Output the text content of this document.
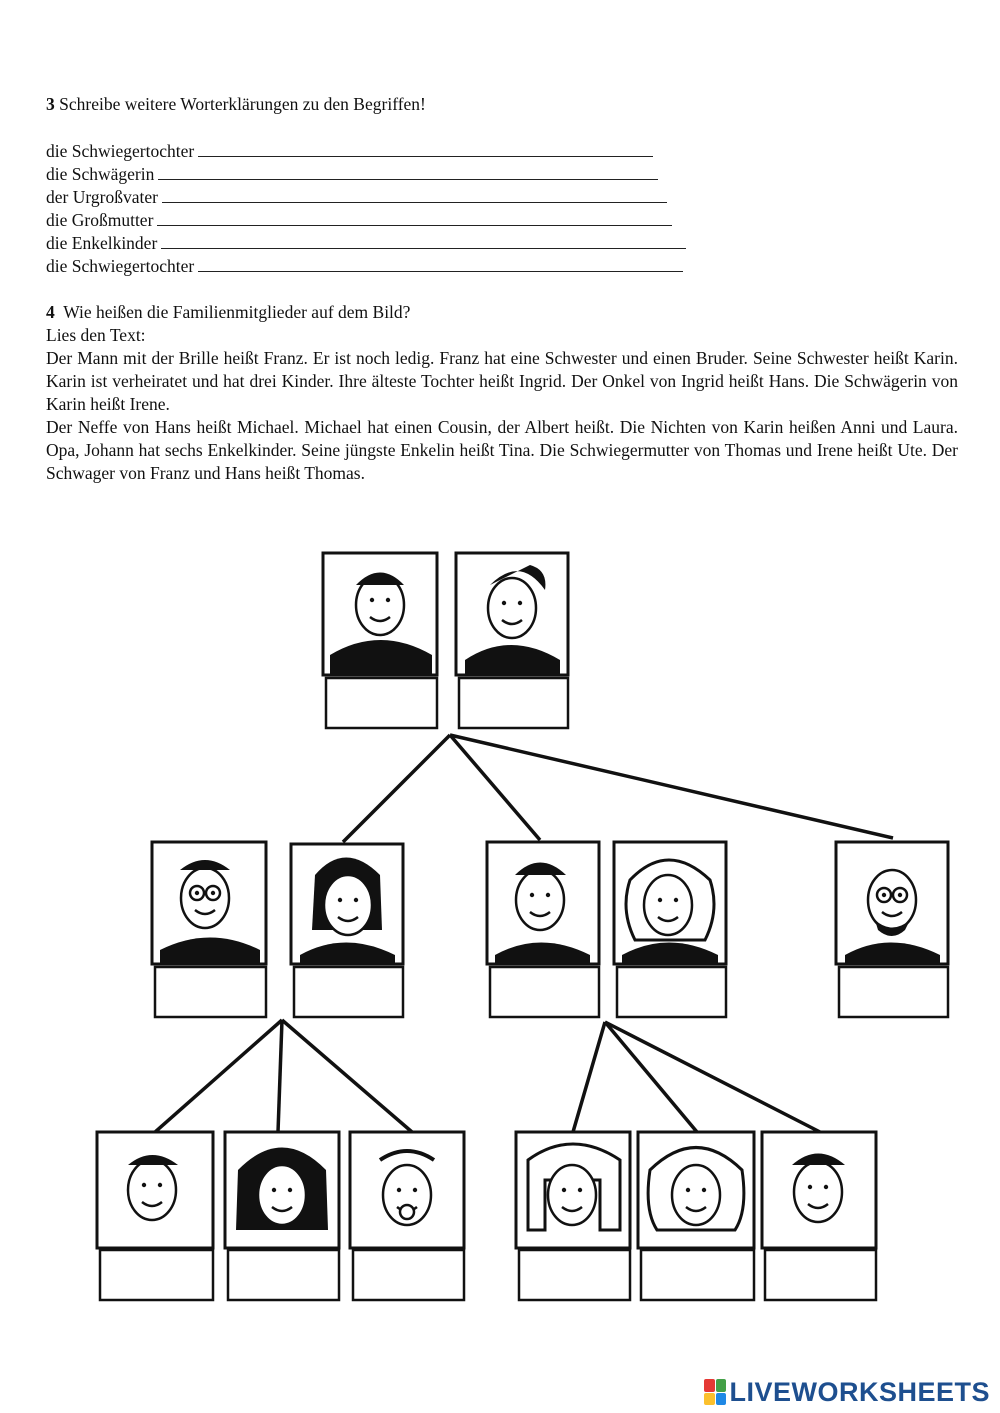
3 Schreibe weitere Worterklärungen zu den Begriffen!
die Schwiegertochter
die Schwägerin
der Urgroßvater
die Großmutter
die Enkelkinder
die Schwiegertochter

4 Wie heißen die Familienmitglieder auf dem Bild?

Lies den Text:

Der Mann mit der Brille heißt Franz. Er ist noch ledig. Franz hat eine Schwester und einen Bruder. Seine Schwester heißt Karin. Karin ist verheiratet und hat drei Kinder. Ihre älteste Tochter heißt Ingrid. Der Onkel von Ingrid heißt Hans. Die Schwägerin von Karin heißt Irene.

Der Neffe von Hans heißt Michael. Michael hat einen Cousin, der Albert heißt. Die Nichten von Karin heißen Anni und Laura. Opa, Johann hat sechs Enkelkinder. Seine jüngste Enkelin heißt Tina. Die Schwiegermutter von Thomas und Irene heißt Ute. Der Schwager von Franz und Hans heißt Thomas.

LIVEWORKSHEETS
